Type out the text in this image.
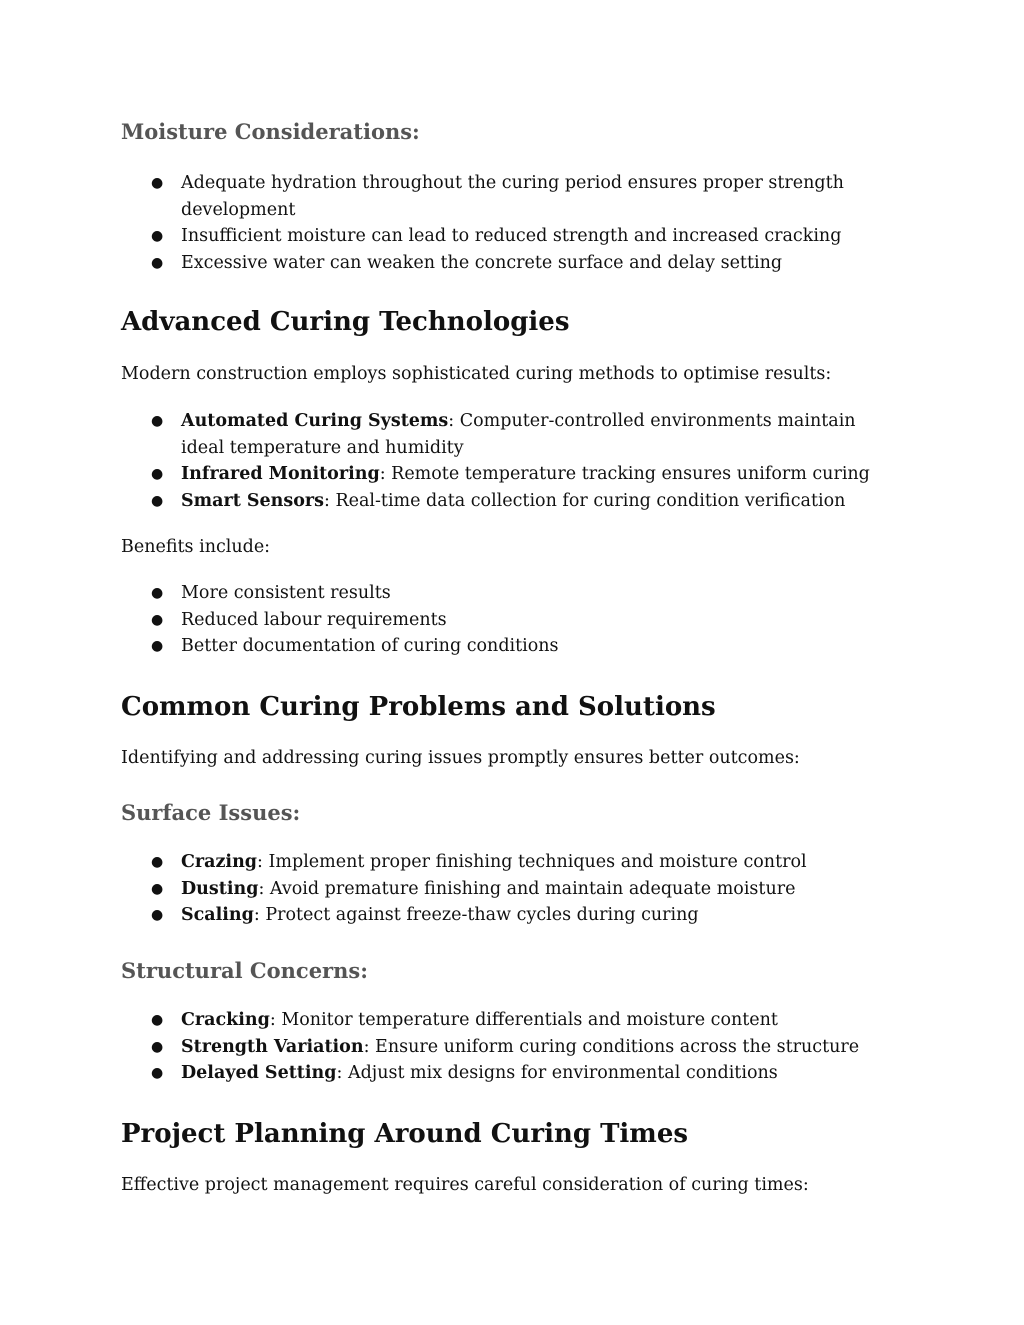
Moisture Considerations:
● Adequate hydration throughout the curing period ensures proper strength development
● Insufficient moisture can lead to reduced strength and increased cracking
● Excessive water can weaken the concrete surface and delay setting
Advanced Curing Technologies

Modern construction employs sophisticated curing methods to optimise results:

● Automated Curing Systems: Computer-controlled environments maintain ideal temperature and humidity
● Infrared Monitoring: Remote temperature tracking ensures uniform curing
● Smart Sensors: Real-time data collection for curing condition verification

Benefits include:

● More consistent results
● Reduced labour requirements
● Better documentation of curing conditions
Common Curing Problems and Solutions

Identifying and addressing curing issues promptly ensures better outcomes:

Surface Issues:
● Crazing: Implement proper finishing techniques and moisture control
● Dusting: Avoid premature finishing and maintain adequate moisture
● Scaling: Protect against freeze-thaw cycles during curing
Structural Concerns:
● Cracking: Monitor temperature differentials and moisture content
● Strength Variation: Ensure uniform curing conditions across the structure
● Delayed Setting: Adjust mix designs for environmental conditions
Project Planning Around Curing Times

Effective project management requires careful consideration of curing times:
